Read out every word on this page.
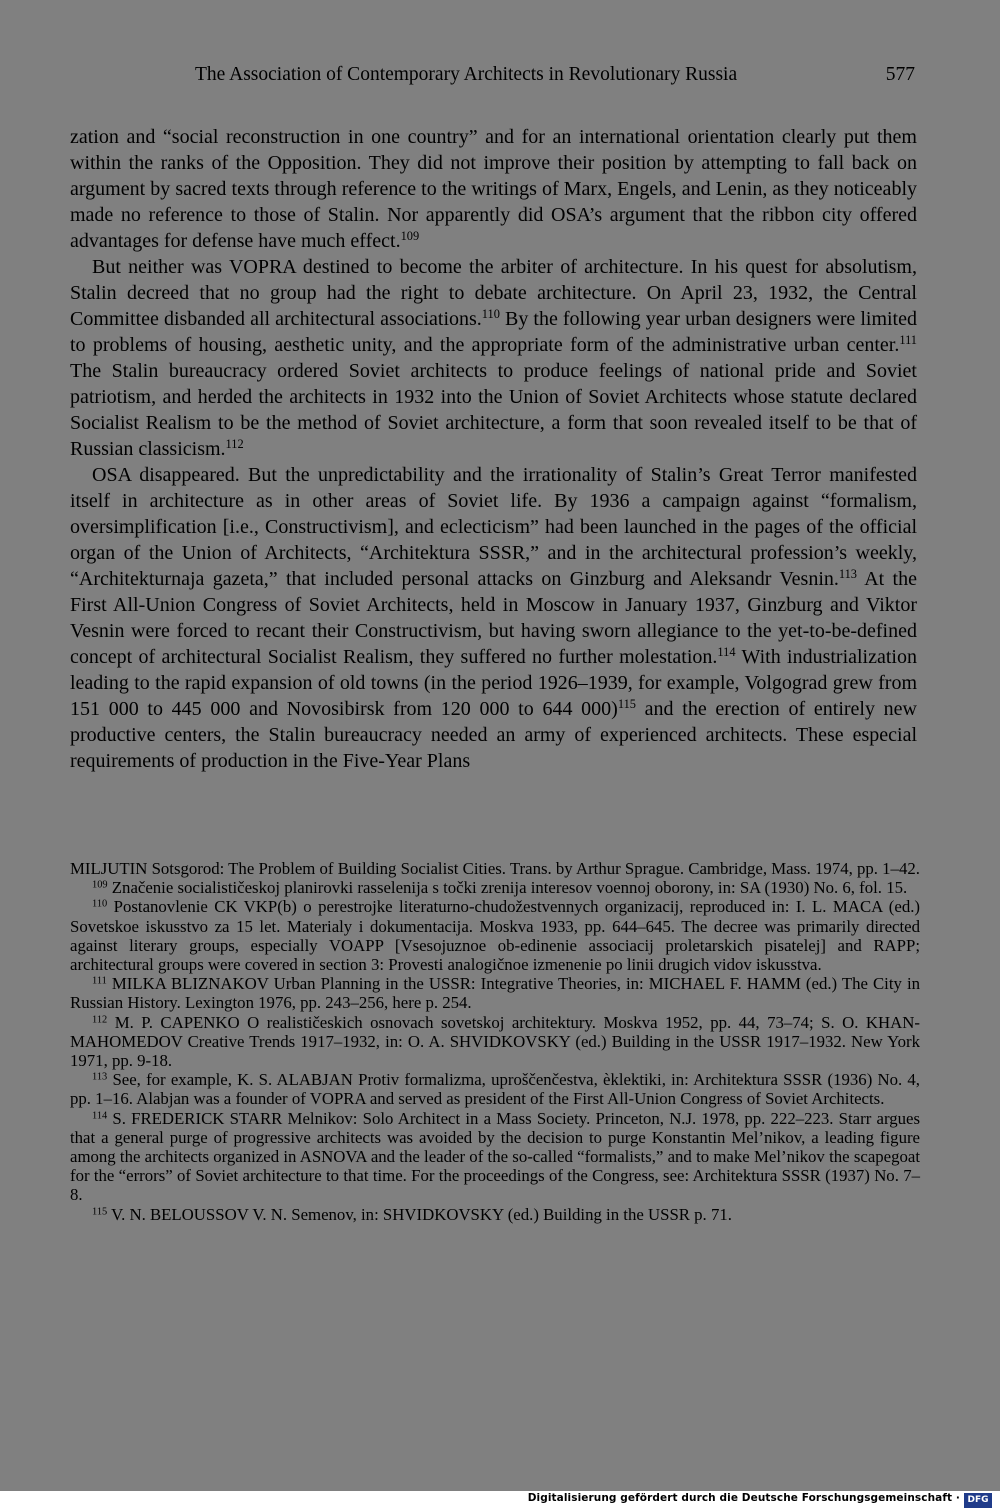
The Association of Contemporary Architects in Revolutionary Russia	577

zation and “social reconstruction in one country” and for an international orientation clearly put them within the ranks of the Opposition. They did not improve their position by attempting to fall back on argument by sacred texts through reference to the writings of Marx, Engels, and Lenin, as they noticeably made no reference to those of Stalin. Nor apparently did OSA’s argument that the ribbon city offered advantages for defense have much effect.$^{109}$

But neither was VOPRA destined to become the arbiter of architecture. In his quest for absolutism, Stalin decreed that no group had the right to debate architecture. On April 23, 1932, the Central Committee disbanded all architectural associations.$^{110}$ By the following year urban designers were limited to problems of housing, aesthetic unity, and the appropriate form of the administrative urban center.$^{111}$ The Stalin bureaucracy ordered Soviet architects to produce feelings of national pride and Soviet patriotism, and herded the architects in 1932 into the Union of Soviet Architects whose statute declared Socialist Realism to be the method of Soviet architecture, a form that soon revealed itself to be that of Russian classicism.$^{112}$

OSA disappeared. But the unpredictability and the irrationality of Stalin’s Great Terror manifested itself in architecture as in other areas of Soviet life. By 1936 a campaign against “formalism, oversimplification [i.e., Constructivism], and eclecticism” had been launched in the pages of the official organ of the Union of Architects, “Architektura SSSR,” and in the architectural profession’s weekly, “Architekturnaja gazeta,” that included personal attacks on Ginzburg and Aleksandr Vesnin.$^{113}$ At the First All-Union Congress of Soviet Architects, held in Moscow in January 1937, Ginzburg and Viktor Vesnin were forced to recant their Constructivism, but having sworn allegiance to the yet-to-be-defined concept of architectural Socialist Realism, they suffered no further molestation.$^{114}$ With industrialization leading to the rapid expansion of old towns (in the period 1926–1939, for example, Volgograd grew from 151 000 to 445 000 and Novosibirsk from 120 000 to 644 000)$^{115}$ and the erection of entirely new productive centers, the Stalin bureaucracy needed an army of experienced architects. These especial requirements of production in the Five-Year Plans

MILJUTIN Sotsgorod: The Problem of Building Socialist Cities. Trans. by Arthur Sprague. Cambridge, Mass. 1974, pp. 1–42.

$^{109}$ Značenie socialističeskoj planirovki rasselenija s točki zrenija interesov voennoj oborony, in: SA (1930) No. 6, fol. 15.

$^{110}$ Postanovlenie CK VKP(b) o perestrojke literaturno-chudožestvennych organizacij, reproduced in: I. L. MACA (ed.) Sovetskoe iskusstvo za 15 let. Materialy i dokumentacija. Moskva 1933, pp. 644–645. The decree was primarily directed against literary groups, especially VOAPP [Vsesojuznoe ob-edinenie associacij proletarskich pisatelej] and RAPP; architectural groups were covered in section 3: Provesti analogičnoe izmenenie po linii drugich vidov iskusstva.

$^{111}$ MILKA BLIZNAKOV Urban Planning in the USSR: Integrative Theories, in: MICHAEL F. HAMM (ed.) The City in Russian History. Lexington 1976, pp. 243–256, here p. 254.

$^{112}$ M. P. CAPENKO O realističeskich osnovach sovetskoj architektury. Moskva 1952, pp. 44, 73–74; S. O. KHAN-MAHOMEDOV Creative Trends 1917–1932, in: O. A. SHVIDKOVSKY (ed.) Building in the USSR 1917–1932. New York 1971, pp. 9-18.

$^{113}$ See, for example, K. S. ALABJAN Protiv formalizma, uproščenčestva, èklektiki, in: Architektura SSSR (1936) No. 4, pp. 1–16. Alabjan was a founder of VOPRA and served as president of the First All-Union Congress of Soviet Architects.

$^{114}$ S. FREDERICK STARR Melnikov: Solo Architect in a Mass Society. Princeton, N.J. 1978, pp. 222–223. Starr argues that a general purge of progressive architects was avoided by the decision to purge Konstantin Mel’nikov, a leading figure among the architects organized in ASNOVA and the leader of the so-called “formalists,” and to make Mel’nikov the scapegoat for the “errors” of Soviet architecture to that time. For the proceedings of the Congress, see: Architektura SSSR (1937) No. 7–8.

$^{115}$ V. N. BELOUSSOV V. N. Semenov, in: SHVIDKOVSKY (ed.) Building in the USSR p. 71.

Digitalisierung gefördert durch die Deutsche Forschungsgemeinschaft · DFG
